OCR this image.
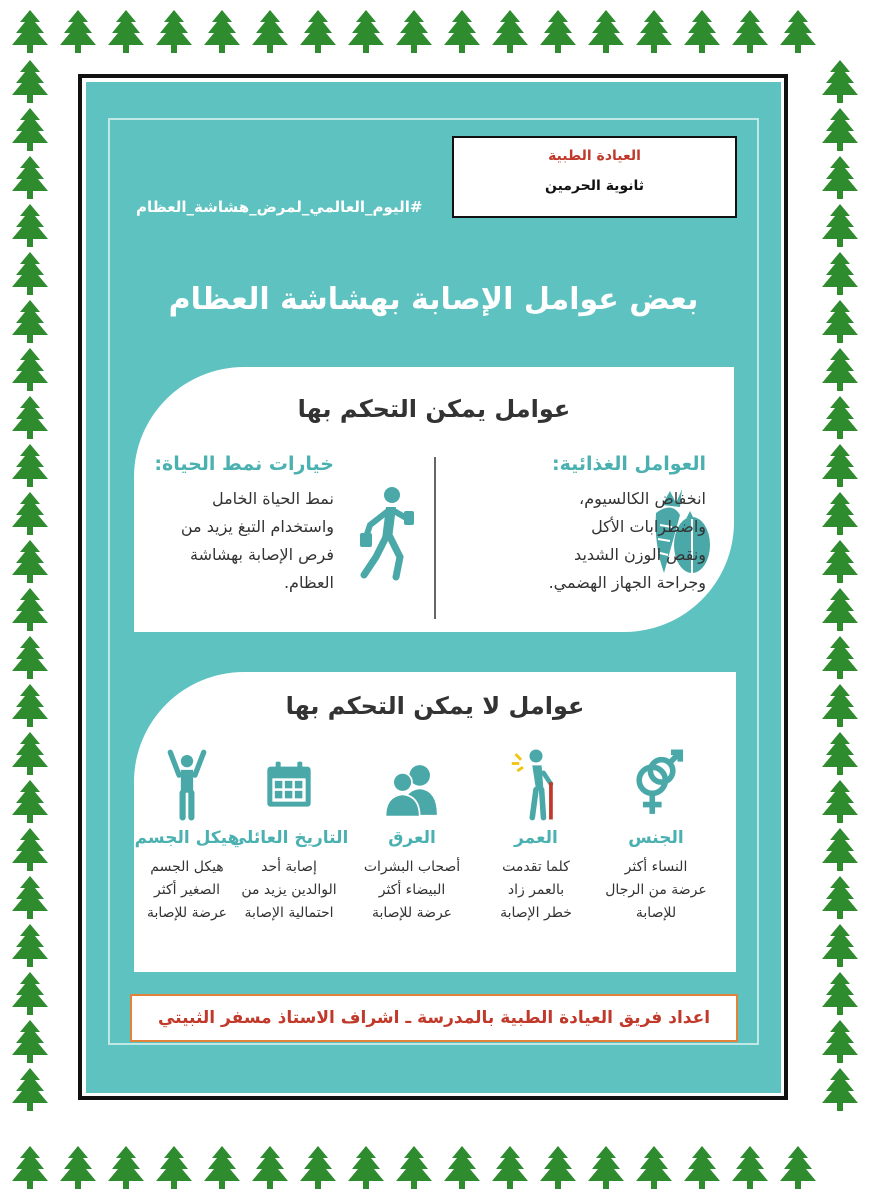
العيادة الطبية
ثانوية الحرمين
#اليوم_العالمي_لمرض_هشاشة_العظام
بعض عوامل الإصابة بهشاشة العظام
عوامل يمكن التحكم بها
العوامل الغذائية:
انخفاض الكالسيوم،
واضطرابات الأكل
ونقص الوزن الشديد
وجراحة الجهاز الهضمي.
خيارات نمط الحياة:
نمط الحياة الخامل
واستخدام التبغ يزيد من
فرص الإصابة بهشاشة
العظام.
عوامل لا يمكن التحكم بها
الجنس
النساء أكثر
عرضة من الرجال
للإصابة
العمر
كلما تقدمت
بالعمر زاد
خطر الإصابة
العرق
أصحاب البشرات
البيضاء أكثر
عرضة للإصابة
التاريخ العائلي
إصابة أحد
الوالدين يزيد من
احتمالية الإصابة
هيكل الجسم
هيكل الجسم
الصغير أكثر
عرضة للإصابة
اعداد فريق العيادة الطبية بالمدرسة ـ اشراف الاستاذ مسفر الثبيتي
